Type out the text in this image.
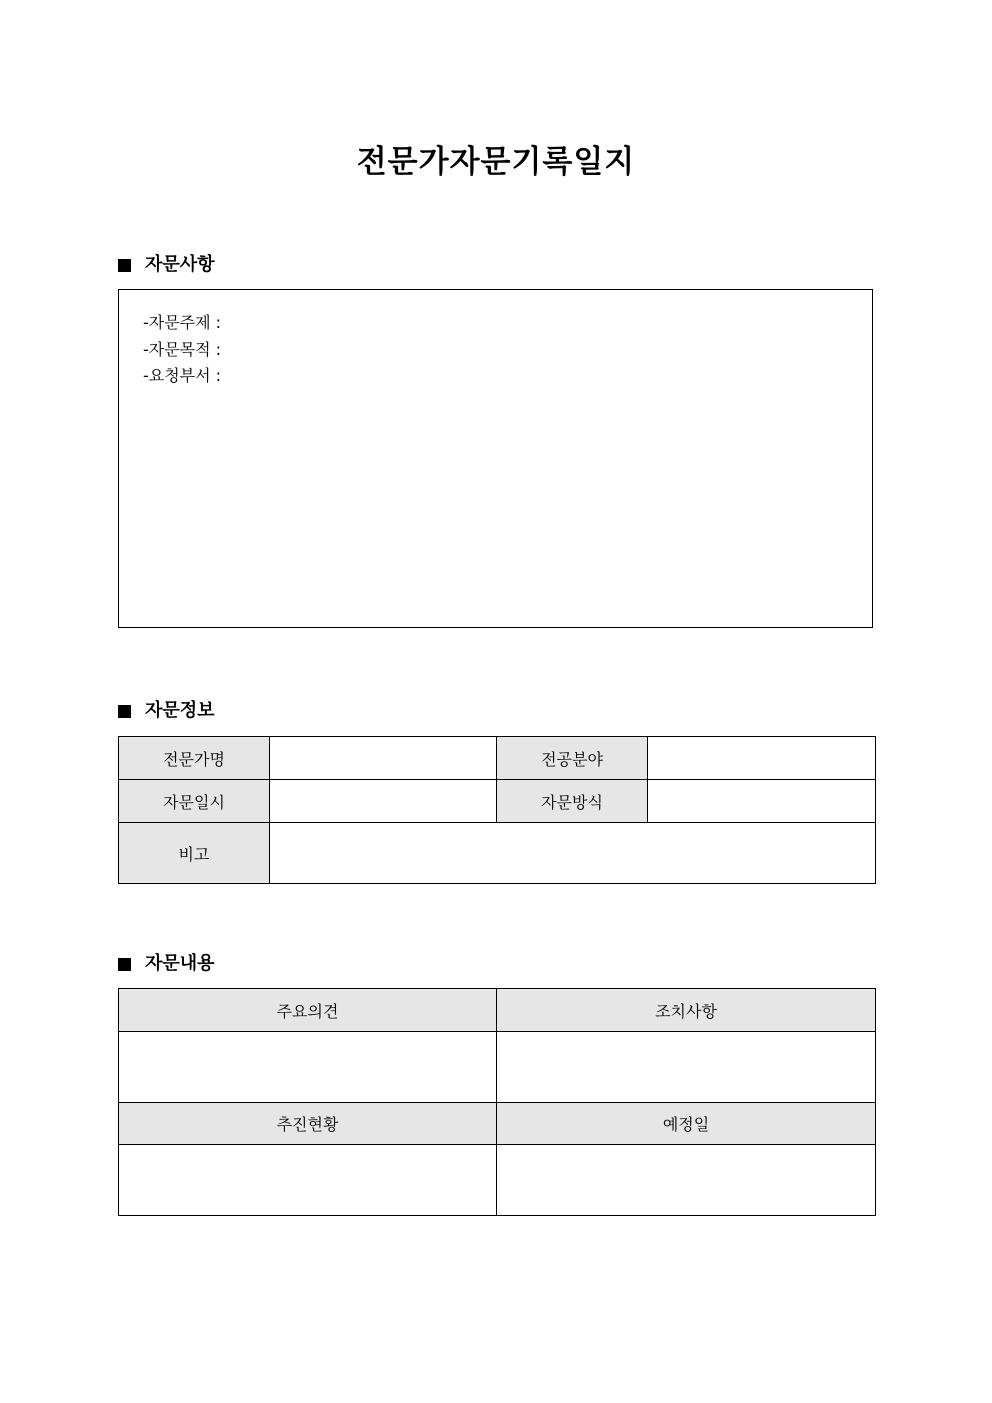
전문가자문기록일지
자문사항
-자문주제 :
-자문목적 :
-요청부서 :
자문정보
전문가명		전공분야	
자문일시		자문방식	
비고			
자문내용
주요의견	조치사항

추진현황	예정일
